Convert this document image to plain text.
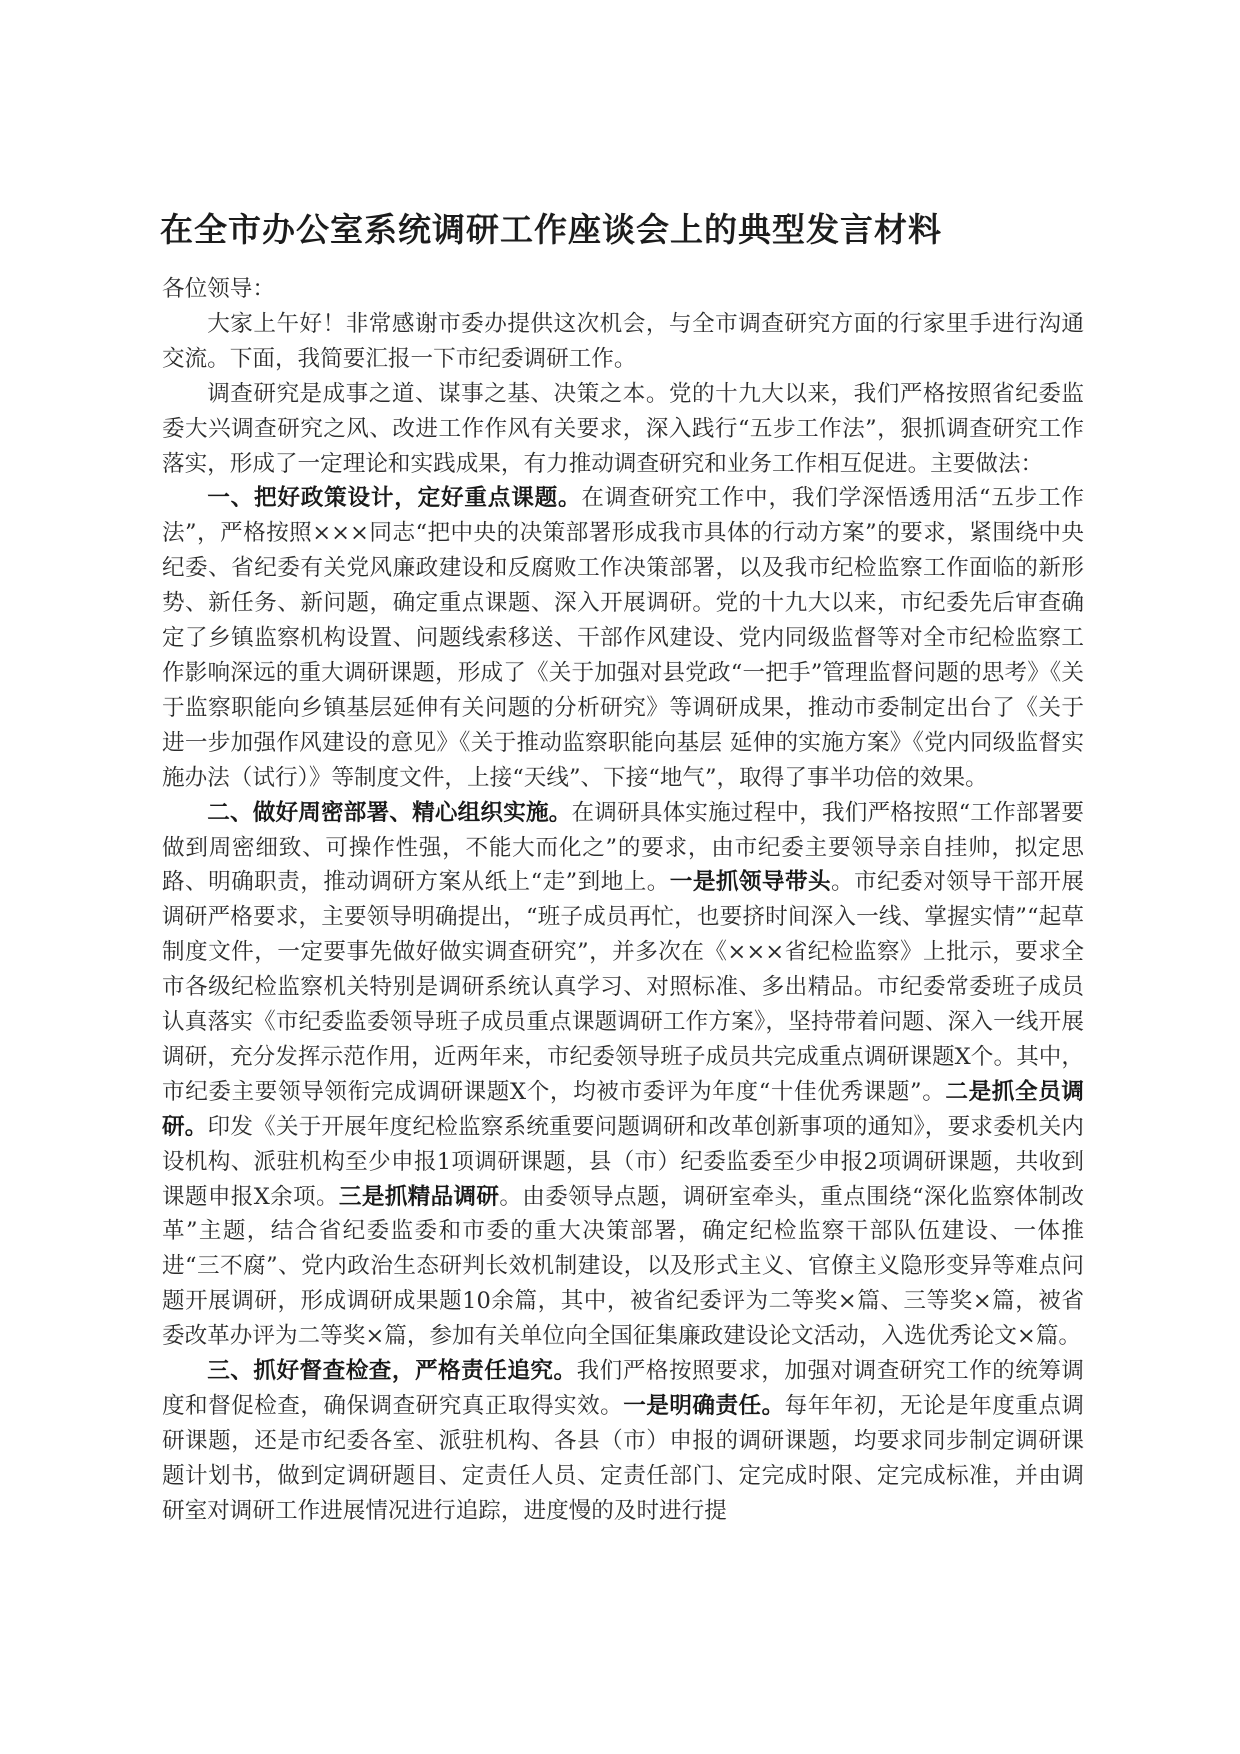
在全市办公室系统调研工作座谈会上的典型发言材料

各位领导：

大家上午好！非常感谢市委办提供这次机会，与全市调查研究方面的行家里手进行沟通交流。下面，我简要汇报一下市纪委调研工作。

调查研究是成事之道、谋事之基、决策之本。党的十九大以来，我们严格按照省纪委监委大兴调查研究之风、改进工作作风有关要求，深入践行“五步工作法”，狠抓调查研究工作落实，形成了一定理论和实践成果，有力推动调查研究和业务工作相互促进。主要做法：

一、把好政策设计，定好重点课题。在调查研究工作中，我们学深悟透用活“五步工作法”，严格按照×××同志“把中央的决策部署形成我市具体的行动方案”的要求，紧围绕中央纪委、省纪委有关党风廉政建设和反腐败工作决策部署，以及我市纪检监察工作面临的新形势、新任务、新问题，确定重点课题、深入开展调研。党的十九大以来，市纪委先后审查确定了乡镇监察机构设置、问题线索移送、干部作风建设、党内同级监督等对全市纪检监察工作影响深远的重大调研课题，形成了《关于加强对县党政“一把手”管理监督问题的思考》《关于监察职能向乡镇基层延伸有关问题的分析研究》等调研成果，推动市委制定出台了《关于进一步加强作风建设的意见》《关于推动监察职能向基层 延伸的实施方案》《党内同级监督实施办法（试行）》等制度文件，上接“天线”、下接“地气”，取得了事半功倍的效果。

二、做好周密部署、精心组织实施。在调研具体实施过程中，我们严格按照“工作部署要做到周密细致、可操作性强，不能大而化之”的要求，由市纪委主要领导亲自挂帅，拟定思路、明确职责，推动调研方案从纸上“走”到地上。一是抓领导带头。市纪委对领导干部开展调研严格要求，主要领导明确提出，“班子成员再忙，也要挤时间深入一线、掌握实情”“起草制度文件，一定要事先做好做实调查研究”，并多次在《×××省纪检监察》上批示，要求全市各级纪检监察机关特别是调研系统认真学习、对照标准、多出精品。市纪委常委班子成员认真落实《市纪委监委领导班子成员重点课题调研工作方案》，坚持带着问题、深入一线开展调研，充分发挥示范作用，近两年来，市纪委领导班子成员共完成重点调研课题X个。其中，市纪委主要领导领衔完成调研课题X个，均被市委评为年度“十佳优秀课题”。二是抓全员调研。印发《关于开展年度纪检监察系统重要问题调研和改革创新事项的通知》，要求委机关内设机构、派驻机构至少申报1项调研课题，县（市）纪委监委至少申报2项调研课题，共收到课题申报X余项。三是抓精品调研。由委领导点题，调研室牵头，重点围绕“深化监察体制改革”主题，结合省纪委监委和市委的重大决策部署，确定纪检监察干部队伍建设、一体推进“三不腐”、党内政治生态研判长效机制建设，以及形式主义、官僚主义隐形变异等难点问题开展调研，形成调研成果题10余篇，其中，被省纪委评为二等奖×篇、三等奖×篇，被省委改革办评为二等奖×篇，参加有关单位向全国征集廉政建设论文活动，入选优秀论文×篇。

三、抓好督查检查，严格责任追究。我们严格按照要求，加强对调查研究工作的统筹调度和督促检查，确保调查研究真正取得实效。一是明确责任。每年年初，无论是年度重点调研课题，还是市纪委各室、派驻机构、各县（市）申报的调研课题，均要求同步制定调研课题计划书，做到定调研题目、定责任人员、定责任部门、定完成时限、定完成标准，并由调研室对调研工作进展情况进行追踪，进度慢的及时进行提
